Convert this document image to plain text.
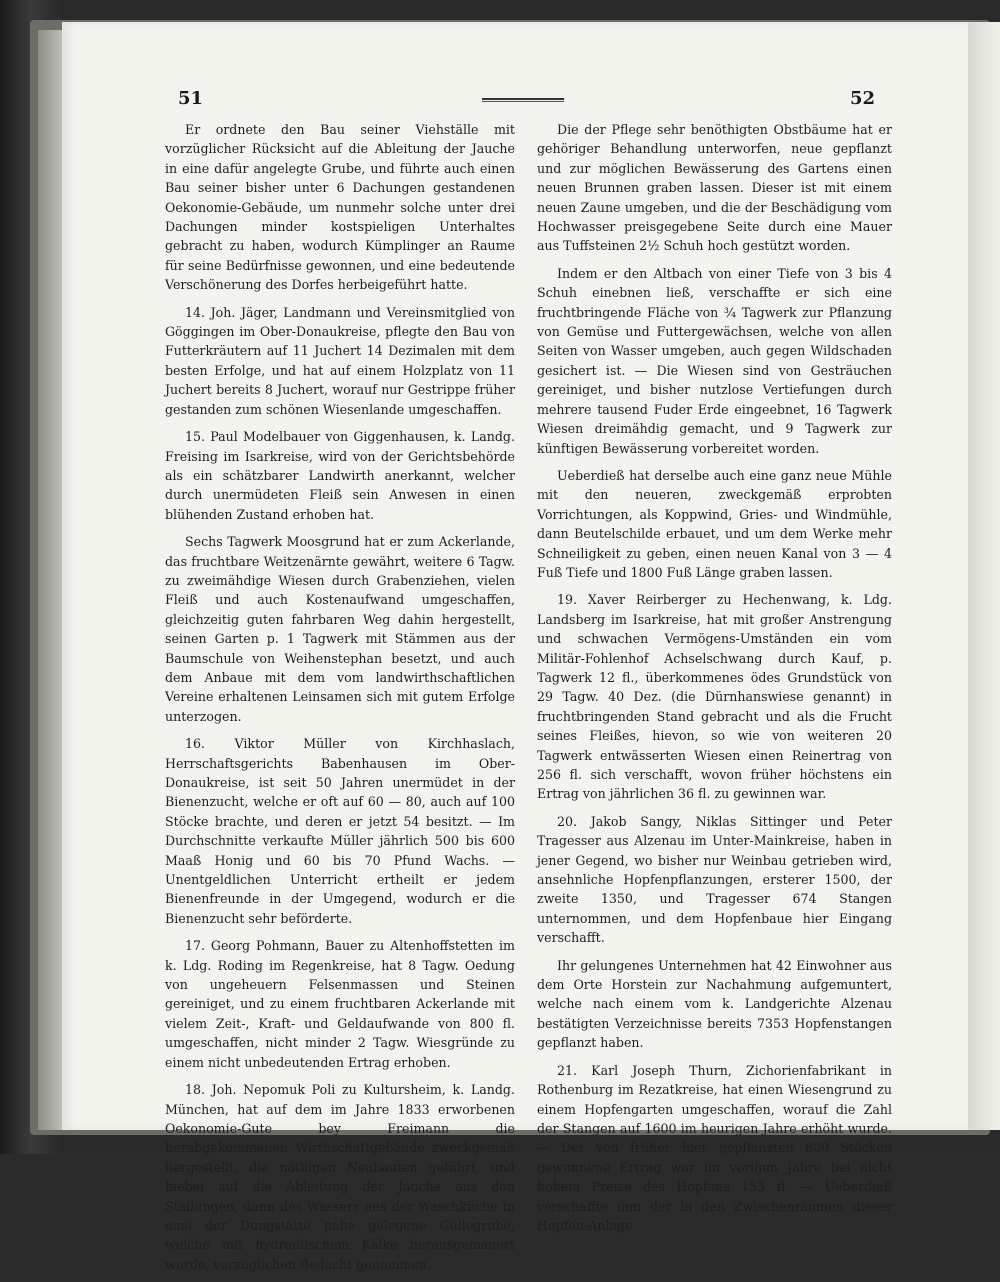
51	52

Er ordnete den Bau seiner Viehställe mit vorzüglicher Rücksicht auf die Ableitung der Jauche in eine dafür angelegte Grube, und führte auch einen Bau seiner bisher unter 6 Dachungen gestandenen Oekonomie-Gebäude, um nunmehr solche unter drei Dachungen minder kostspieligen Unterhaltes gebracht zu haben, wodurch Kümplinger an Raume für seine Bedürfnisse gewonnen, und eine bedeutende Verschönerung des Dorfes herbeigeführt hatte.

14. Joh. Jäger, Landmann und Vereinsmitglied von Göggingen im Ober-Donaukreise, pflegte den Bau von Futterkräutern auf 11 Juchert 14 Dezimalen mit dem besten Erfolge, und hat auf einem Holzplatz von 11 Juchert bereits 8 Juchert, worauf nur Gestrippe früher gestanden zum schönen Wiesenlande umgeschaffen.

15. Paul Modelbauer von Giggenhausen, k. Landg. Freising im Isarkreise, wird von der Gerichtsbehörde als ein schätzbarer Landwirth anerkannt, welcher durch unermüdeten Fleiß sein Anwesen in einen blühenden Zustand erhoben hat.

Sechs Tagwerk Moosgrund hat er zum Ackerlande, das fruchtbare Weitzenärnte gewährt, weitere 6 Tagw. zu zweimähdige Wiesen durch Grabenziehen, vielen Fleiß und auch Kostenaufwand umgeschaffen, gleichzeitig guten fahrbaren Weg dahin hergestellt, seinen Garten p. 1 Tagwerk mit Stämmen aus der Baumschule von Weihenstephan besetzt, und auch dem Anbaue mit dem vom landwirthschaftlichen Vereine erhaltenen Leinsamen sich mit gutem Erfolge unterzogen.

16. Viktor Müller von Kirchhaslach, Herrschaftsgerichts Babenhausen im Ober-Donaukreise, ist seit 50 Jahren unermüdet in der Bienenzucht, welche er oft auf 60 — 80, auch auf 100 Stöcke brachte, und deren er jetzt 54 besitzt. — Im Durchschnitte verkaufte Müller jährlich 500 bis 600 Maaß Honig und 60 bis 70 Pfund Wachs. — Unentgeldlichen Unterricht ertheilt er jedem Bienenfreunde in der Umgegend, wodurch er die Bienenzucht sehr beförderte.

17. Georg Pohmann, Bauer zu Altenhoffstetten im k. Ldg. Roding im Regenkreise, hat 8 Tagw. Oedung von ungeheuern Felsenmassen und Steinen gereiniget, und zu einem fruchtbaren Ackerlande mit vielem Zeit-, Kraft- und Geldaufwande von 800 fl. umgeschaffen, nicht minder 2 Tagw. Wiesgründe zu einem nicht unbedeutenden Ertrag erhoben.

18. Joh. Nepomuk Poli zu Kultursheim, k. Landg. München, hat auf dem im Jahre 1833 erworbenen Oekonomie-Gute bey Freimann die herabgekommenen Wirthschaftgebäude zweckgemäß hergestellt, die nöthigen Neubauten geführt, und hiebei auf die Ableitung der Jauche aus den Stallungen, dann des Wassers aus der Waschküche in eine der Dungstätte nahe gelegene Güllegrube, welche mit hydraulischem Kalke herausgemauert wurde, vorzüglichen Bedacht genommen.

Die der Pflege sehr benöthigten Obstbäume hat er gehöriger Behandlung unterworfen, neue gepflanzt und zur möglichen Bewässerung des Gartens einen neuen Brunnen graben lassen. Dieser ist mit einem neuen Zaune umgeben, und die der Beschädigung vom Hochwasser preisgegebene Seite durch eine Mauer aus Tuffsteinen 2½ Schuh hoch gestützt worden.

Indem er den Altbach von einer Tiefe von 3 bis 4 Schuh einebnen ließ, verschaffte er sich eine fruchtbringende Fläche von ¾ Tagwerk zur Pflanzung von Gemüse und Futtergewächsen, welche von allen Seiten von Wasser umgeben, auch gegen Wildschaden gesichert ist. — Die Wiesen sind von Gesträuchen gereiniget, und bisher nutzlose Vertiefungen durch mehrere tausend Fuder Erde eingeebnet, 16 Tagwerk Wiesen dreimähdig gemacht, und 9 Tagwerk zur künftigen Bewässerung vorbereitet worden.

Ueberdieß hat derselbe auch eine ganz neue Mühle mit den neueren, zweckgemäß erprobten Vorrichtungen, als Koppwind, Gries- und Windmühle, dann Beutelschilde erbauet, und um dem Werke mehr Schneiligkeit zu geben, einen neuen Kanal von 3 — 4 Fuß Tiefe und 1800 Fuß Länge graben lassen.

19. Xaver Reirberger zu Hechenwang, k. Ldg. Landsberg im Isarkreise, hat mit großer Anstrengung und schwachen Vermögens-Umständen ein vom Militär-Fohlenhof Achselschwang durch Kauf, p. Tagwerk 12 fl., überkommenes ödes Grundstück von 29 Tagw. 40 Dez. (die Dürnhanswiese genannt) in fruchtbringenden Stand gebracht und als die Frucht seines Fleißes, hievon, so wie von weiteren 20 Tagwerk entwässerten Wiesen einen Reinertrag von 256 fl. sich verschafft, wovon früher höchstens ein Ertrag von jährlichen 36 fl. zu gewinnen war.

20. Jakob Sangy, Niklas Sittinger und Peter Tragesser aus Alzenau im Unter-Mainkreise, haben in jener Gegend, wo bisher nur Weinbau getrieben wird, ansehnliche Hopfenpflanzungen, ersterer 1500, der zweite 1350, und Tragesser 674 Stangen unternommen, und dem Hopfenbaue hier Eingang verschafft.

Ihr gelungenes Unternehmen hat 42 Einwohner aus dem Orte Horstein zur Nachahmung aufgemuntert, welche nach einem vom k. Landgerichte Alzenau bestätigten Verzeichnisse bereits 7353 Hopfenstangen gepflanzt haben.

21. Karl Joseph Thurn, Zichorienfabrikant in Rothenburg im Rezatkreise, hat einen Wiesengrund zu einem Hopfengarten umgeschaffen, worauf die Zahl der Stangen auf 1600 im heurigen Jahre erhöht wurde. — Der von früher hier gepflanzten 800 Stöcken gewonnene Ertrag war im vorigen Jahre bei nicht hohem Preise des Hopfens 153 fl. — Ueberdieß verschaffte ihm der in den Zwischenräumen dieser Hopfen-Anlage
